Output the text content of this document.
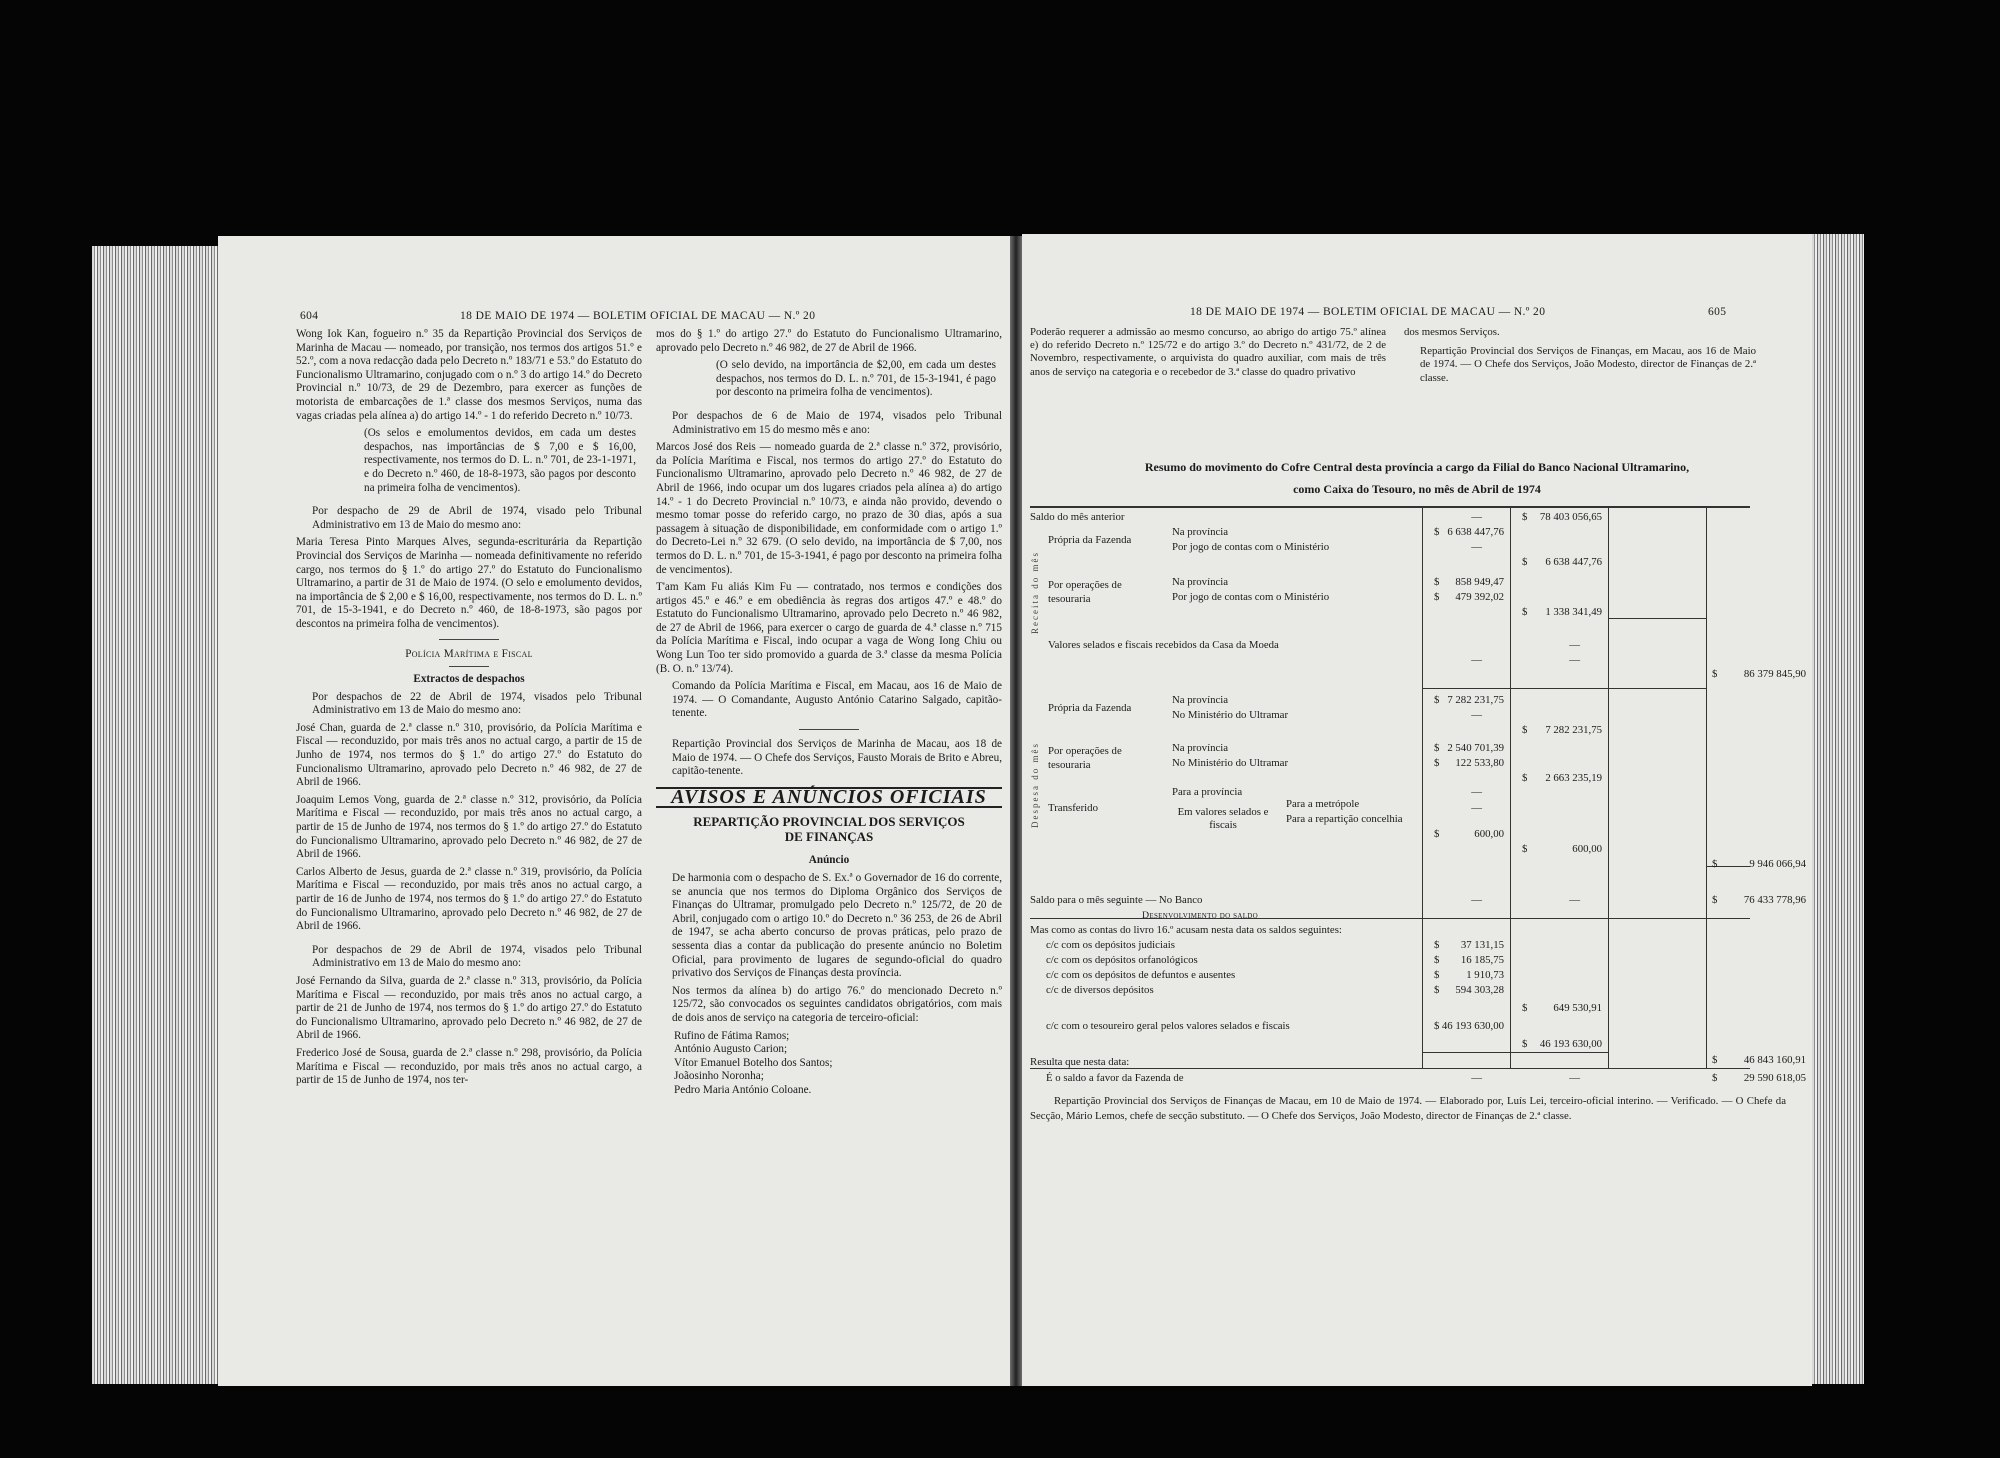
604	18 DE MAIO DE 1974 — BOLETIM OFICIAL DE MACAU — N.º 20

Wong Iok Kan, fogueiro n.º 35 da Repartição Provincial dos Serviços de Marinha de Macau — nomeado, por transição, nos termos dos artigos 51.º e 52.º, com a nova redacção dada pelo Decreto n.º 183/71 e 53.º do Estatuto do Funcionalismo Ultramarino, conjugado com o n.º 3 do artigo 14.º do Decreto Provincial n.º 10/73, de 29 de Dezembro, para exercer as funções de motorista de embarcações de 1.ª classe dos mesmos Serviços, numa das vagas criadas pela alínea a) do artigo 14.º - 1 do referido Decreto n.º 10/73.

(Os selos e emolumentos devidos, em cada um destes despachos, nas importâncias de $ 7,00 e $ 16,00, respectivamente, nos termos do D. L. n.º 701, de 23-1-1971, e do Decreto n.º 460, de 18-8-1973, são pagos por desconto na primeira folha de vencimentos).

Por despacho de 29 de Abril de 1974, visado pelo Tribunal Administrativo em 13 de Maio do mesmo ano:

Maria Teresa Pinto Marques Alves, segunda-escriturária da Repartição Provincial dos Serviços de Marinha — nomeada definitivamente no referido cargo, nos termos do § 1.º do artigo 27.º do Estatuto do Funcionalismo Ultramarino, a partir de 31 de Maio de 1974. (O selo e emolumento devidos, na importância de $ 2,00 e $ 16,00, respectivamente, nos termos do D. L. n.º 701, de 15-3-1941, e do Decreto n.º 460, de 18-8-1973, são pagos por descontos na primeira folha de vencimentos).

Polícia Marítima e Fiscal

Extractos de despachos

Por despachos de 22 de Abril de 1974, visados pelo Tribunal Administrativo em 13 de Maio do mesmo ano:

José Chan, guarda de 2.ª classe n.º 310, provisório, da Polícia Marítima e Fiscal — reconduzido, por mais três anos no actual cargo, a partir de 15 de Junho de 1974, nos termos do § 1.º do artigo 27.º do Estatuto do Funcionalismo Ultramarino, aprovado pelo Decreto n.º 46 982, de 27 de Abril de 1966.

Joaquim Lemos Vong, guarda de 2.ª classe n.º 312, provisório, da Polícia Marítima e Fiscal — reconduzido, por mais três anos no actual cargo, a partir de 15 de Junho de 1974, nos termos do § 1.º do artigo 27.º do Estatuto do Funcionalismo Ultramarino, aprovado pelo Decreto n.º 46 982, de 27 de Abril de 1966.

Carlos Alberto de Jesus, guarda de 2.ª classe n.º 319, provisório, da Polícia Marítima e Fiscal — reconduzido, por mais três anos no actual cargo, a partir de 16 de Junho de 1974, nos termos do § 1.º do artigo 27.º do Estatuto do Funcionalismo Ultramarino, aprovado pelo Decreto n.º 46 982, de 27 de Abril de 1966.

Por despachos de 29 de Abril de 1974, visados pelo Tribunal Administrativo em 13 de Maio do mesmo ano:

José Fernando da Silva, guarda de 2.ª classe n.º 313, provisório, da Polícia Marítima e Fiscal — reconduzido, por mais três anos no actual cargo, a partir de 21 de Junho de 1974, nos termos do § 1.º do artigo 27.º do Estatuto do Funcionalismo Ultramarino, aprovado pelo Decreto n.º 46 982, de 27 de Abril de 1966.

Frederico José de Sousa, guarda de 2.ª classe n.º 298, provisório, da Polícia Marítima e Fiscal — reconduzido, por mais três anos no actual cargo, a partir de 15 de Junho de 1974, nos ter-

mos do § 1.º do artigo 27.º do Estatuto do Funcionalismo Ultramarino, aprovado pelo Decreto n.º 46 982, de 27 de Abril de 1966.

(O selo devido, na importância de $2,00, em cada um destes despachos, nos termos do D. L. n.º 701, de 15-3-1941, é pago por desconto na primeira folha de vencimentos).

Por despachos de 6 de Maio de 1974, visados pelo Tribunal Administrativo em 15 do mesmo mês e ano:

Marcos José dos Reis — nomeado guarda de 2.ª classe n.º 372, provisório, da Polícia Marítima e Fiscal, nos termos do artigo 27.º do Estatuto do Funcionalismo Ultramarino, aprovado pelo Decreto n.º 46 982, de 27 de Abril de 1966, indo ocupar um dos lugares criados pela alínea a) do artigo 14.º - 1 do Decreto Provincial n.º 10/73, e ainda não provido, devendo o mesmo tomar posse do referido cargo, no prazo de 30 dias, após a sua passagem à situação de disponibilidade, em conformidade com o artigo 1.º do Decreto-Lei n.º 32 679. (O selo devido, na importância de $ 7,00, nos termos do D. L. n.º 701, de 15-3-1941, é pago por desconto na primeira folha de vencimentos).

T'am Kam Fu aliás Kim Fu — contratado, nos termos e condições dos artigos 45.º e 46.º e em obediência às regras dos artigos 47.º e 48.º do Estatuto do Funcionalismo Ultramarino, aprovado pelo Decreto n.º 46 982, de 27 de Abril de 1966, para exercer o cargo de guarda de 4.ª classe n.º 715 da Polícia Marítima e Fiscal, indo ocupar a vaga de Wong Iong Chiu ou Wong Lun Too ter sido promovido a guarda de 3.ª classe da mesma Polícia (B. O. n.º 13/74).

Comando da Polícia Marítima e Fiscal, em Macau, aos 16 de Maio de 1974. — O Comandante, Augusto António Catarino Salgado, capitão-tenente.

Repartição Provincial dos Serviços de Marinha de Macau, aos 18 de Maio de 1974. — O Chefe dos Serviços, Fausto Morais de Brito e Abreu, capitão-tenente.

AVISOS E ANÚNCIOS OFICIAIS
REPARTIÇÃO PROVINCIAL DOS SERVIÇOS
DE FINANÇAS

Anúncio

De harmonia com o despacho de S. Ex.ª o Governador de 16 do corrente, se anuncia que nos termos do Diploma Orgânico dos Serviços de Finanças do Ultramar, promulgado pelo Decreto n.º 125/72, de 20 de Abril, conjugado com o artigo 10.º do Decreto n.º 36 253, de 26 de Abril de 1947, se acha aberto concurso de provas práticas, pelo prazo de sessenta dias a contar da publicação do presente anúncio no Boletim Oficial, para provimento de lugares de segundo-oficial do quadro privativo dos Serviços de Finanças desta província.

Nos termos da alínea b) do artigo 76.º do mencionado Decreto n.º 125/72, são convocados os seguintes candidatos obrigatórios, com mais de dois anos de serviço na categoria de terceiro-oficial:

Rufino de Fátima Ramos;

António Augusto Carion;

Vítor Emanuel Botelho dos Santos;

Joãosinho Noronha;

Pedro Maria António Coloane.

18 DE MAIO DE 1974 — BOLETIM OFICIAL DE MACAU — N.º 20	605
Poderão requerer a admissão ao mesmo concurso, ao abrigo do artigo 75.º alínea e) do referido Decreto n.º 125/72 e do artigo 3.º do Decreto n.º 431/72, de 2 de Novembro, respectivamente, o arquivista do quadro auxiliar, com mais de três anos de serviço na categoria e o recebedor de 3.ª classe do quadro privativo

dos mesmos Serviços.

Repartição Provincial dos Serviços de Finanças, em Macau, aos 16 de Maio de 1974. — O Chefe dos Serviços, João Modesto, director de Finanças de 2.ª classe.

Resumo do movimento do Cofre Central desta província a cargo da Filial do Banco Nacional Ultramarino,
como Caixa do Tesouro, no mês de Abril de 1974
Receita do mês
Despesa do mês
Saldo do mês anterior
Própria da Fazenda
Na província
Por jogo de contas com o Ministério
Por operações de tesouraria
Na província
Por jogo de contas com o Ministério
Valores selados e fiscais recebidos da Casa da Moeda
Própria da Fazenda
Na província
No Ministério do Ultramar
Por operações de tesouraria
Na província
No Ministério do Ultramar
Transferido
Para a província
Em valores selados e fiscais
Para a metrópole
Para a repartição concelhia
Saldo para o mês seguinte — No Banco
Desenvolvimento do saldo
Mas como as contas do livro 16.º acusam nesta data os saldos seguintes:
c/c com os depósitos judiciais
c/c com os depósitos orfanológicos
c/c com os depósitos de defuntos e ausentes
c/c de diversos depósitos
c/c com o tesoureiro geral pelos valores selados e fiscais
Resulta que nesta data:
É o saldo a favor da Fazenda de
$
$
$
$
$
$
$
$
$
$
$
$
$
$
$
$
$
$
$
$
$
$
$
$
$
6 638 447,76
—
858 949,47
479 392,02
—
—
7 282 231,75
—
2 540 701,39
122 533,80
—
—
600,00
—
37 131,15
16 185,75
1 910,73
594 303,28
46 193 630,00
—
78 403 056,65
6 638 447,76
1 338 341,49
—
—
7 282 231,75
2 663 235,19
600,00
—
649 530,91
46 193 630,00
—
86 379 845,90
9 946 066,94
76 433 778,96
46 843 160,91
29 590 618,05
Repartição Provincial dos Serviços de Finanças de Macau, em 10 de Maio de 1974. — Elaborado por, Luís Lei, terceiro-oficial interino. — Verificado. — O Chefe da Secção, Mário Lemos, chefe de secção substituto. — O Chefe dos Serviços, João Modesto, director de Finanças de 2.ª classe.
